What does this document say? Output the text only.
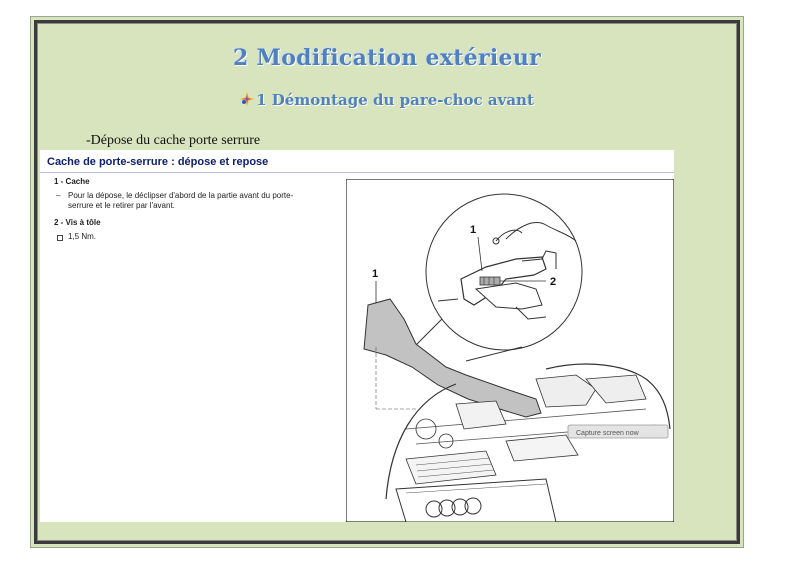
2 Modification extérieur
1 Démontage du pare-choc avant
-Dépose du cache porte serrure
Cache de porte-serrure : dépose et repose
1 - Cache
– Pour la dépose, le déclipser d'abord de la partie avant du porte-
serrure et le retirer par l'avant.
2 - Vis à tôle
1,5 Nm.
1
2
1
Capture screen now
